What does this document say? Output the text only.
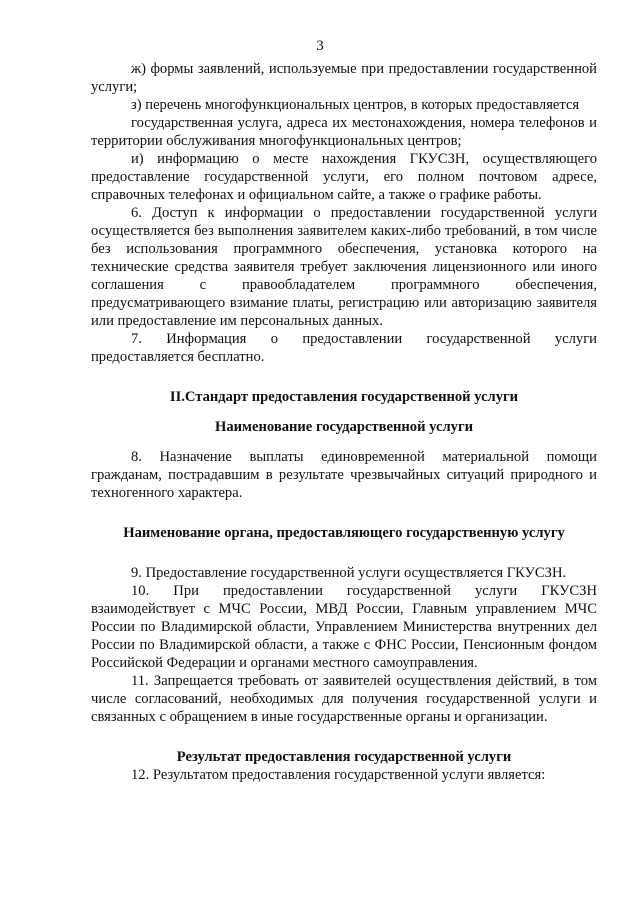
3

ж) формы заявлений, используемые при предоставлении государственной услуги;

з) перечень многофункциональных центров, в которых предоставляется

государственная услуга, адреса их местонахождения, номера телефонов и территории обслуживания многофункциональных центров;

и) информацию о месте нахождения ГКУСЗН, осуществляющего предоставление государственной услуги, его полном почтовом адресе, справочных телефонах и официальном сайте, а также о графике работы.

6. Доступ к информации о предоставлении государственной услуги осуществляется без выполнения заявителем каких-либо требований, в том числе без использования программного обеспечения, установка которого на технические средства заявителя требует заключения лицензионного или иного соглашения с правообладателем программного обеспечения, предусматривающего взимание платы, регистрацию или авторизацию заявителя или предоставление им персональных данных.

7. Информация о предоставлении государственной услуги предоставляется бесплатно.

II.Стандарт предоставления государственной услуги

Наименование государственной услуги

8. Назначение выплаты единовременной материальной помощи гражданам, пострадавшим в результате чрезвычайных ситуаций природного и техногенного характера.

Наименование органа, предоставляющего государственную услугу

9. Предоставление государственной услуги осуществляется ГКУСЗН.

10. При предоставлении государственной услуги ГКУСЗН взаимодействует с МЧС России, МВД России, Главным управлением МЧС России по Владимирской области, Управлением Министерства внутренних дел России по Владимирской области, а также с ФНС России, Пенсионным фондом Российской Федерации и органами местного самоуправления.

11. Запрещается требовать от заявителей осуществления действий, в том числе согласований, необходимых для получения государственной услуги и связанных с обращением в иные государственные органы и организации.

Результат предоставления государственной услуги

12. Результатом предоставления государственной услуги является:
